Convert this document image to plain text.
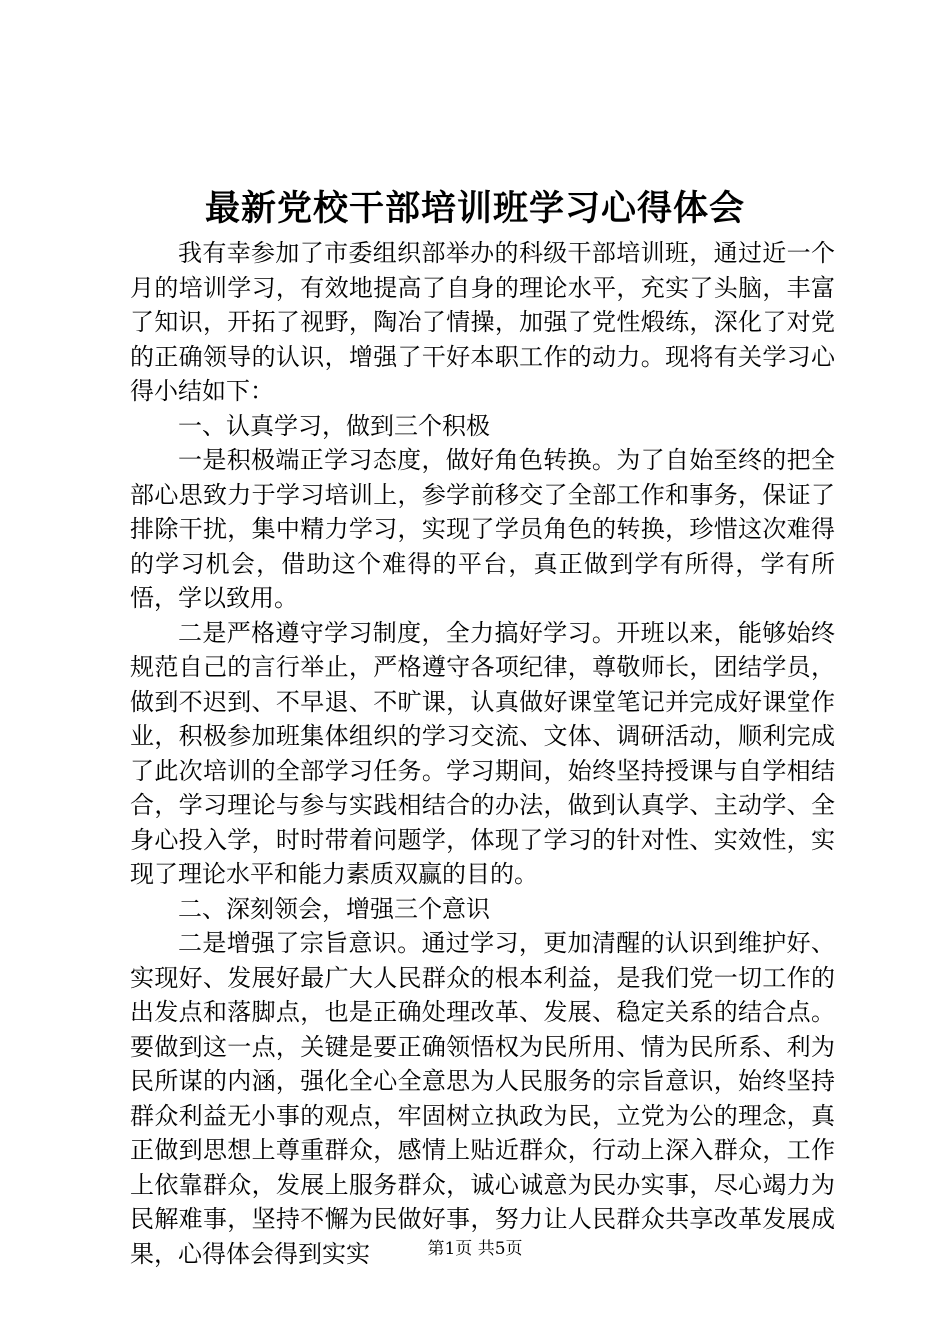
最新党校干部培训班学习心得体会

我有幸参加了市委组织部举办的科级干部培训班，通过近一个月的培训学习，有效地提高了自身的理论水平，充实了头脑，丰富了知识，开拓了视野，陶冶了情操，加强了党性煅练，深化了对党的正确领导的认识，增强了干好本职工作的动力。现将有关学习心得小结如下：

一、认真学习，做到三个积极

一是积极端正学习态度，做好角色转换。为了自始至终的把全部心思致力于学习培训上，参学前移交了全部工作和事务，保证了排除干扰，集中精力学习，实现了学员角色的转换，珍惜这次难得的学习机会，借助这个难得的平台，真正做到学有所得，学有所悟，学以致用。

二是严格遵守学习制度，全力搞好学习。开班以来，能够始终规范自己的言行举止，严格遵守各项纪律，尊敬师长，团结学员，做到不迟到、不早退、不旷课，认真做好课堂笔记并完成好课堂作业，积极参加班集体组织的学习交流、文体、调研活动，顺利完成了此次培训的全部学习任务。学习期间，始终坚持授课与自学相结合，学习理论与参与实践相结合的办法，做到认真学、主动学、全身心投入学，时时带着问题学，体现了学习的针对性、实效性，实现了理论水平和能力素质双赢的目的。

二、深刻领会，增强三个意识

二是增强了宗旨意识。通过学习，更加清醒的认识到维护好、实现好、发展好最广大人民群众的根本利益，是我们党一切工作的出发点和落脚点，也是正确处理改革、发展、稳定关系的结合点。要做到这一点，关键是要正确领悟权为民所用、情为民所系、利为民所谋的内涵，强化全心全意思为人民服务的宗旨意识，始终坚持群众利益无小事的观点，牢固树立执政为民，立党为公的理念，真正做到思想上尊重群众，感情上贴近群众，行动上深入群众，工作上依靠群众，发展上服务群众，诚心诚意为民办实事，尽心竭力为民解难事，坚持不懈为民做好事，努力让人民群众共享改革发展成果，心得体会得到实实	第1页 共5页
